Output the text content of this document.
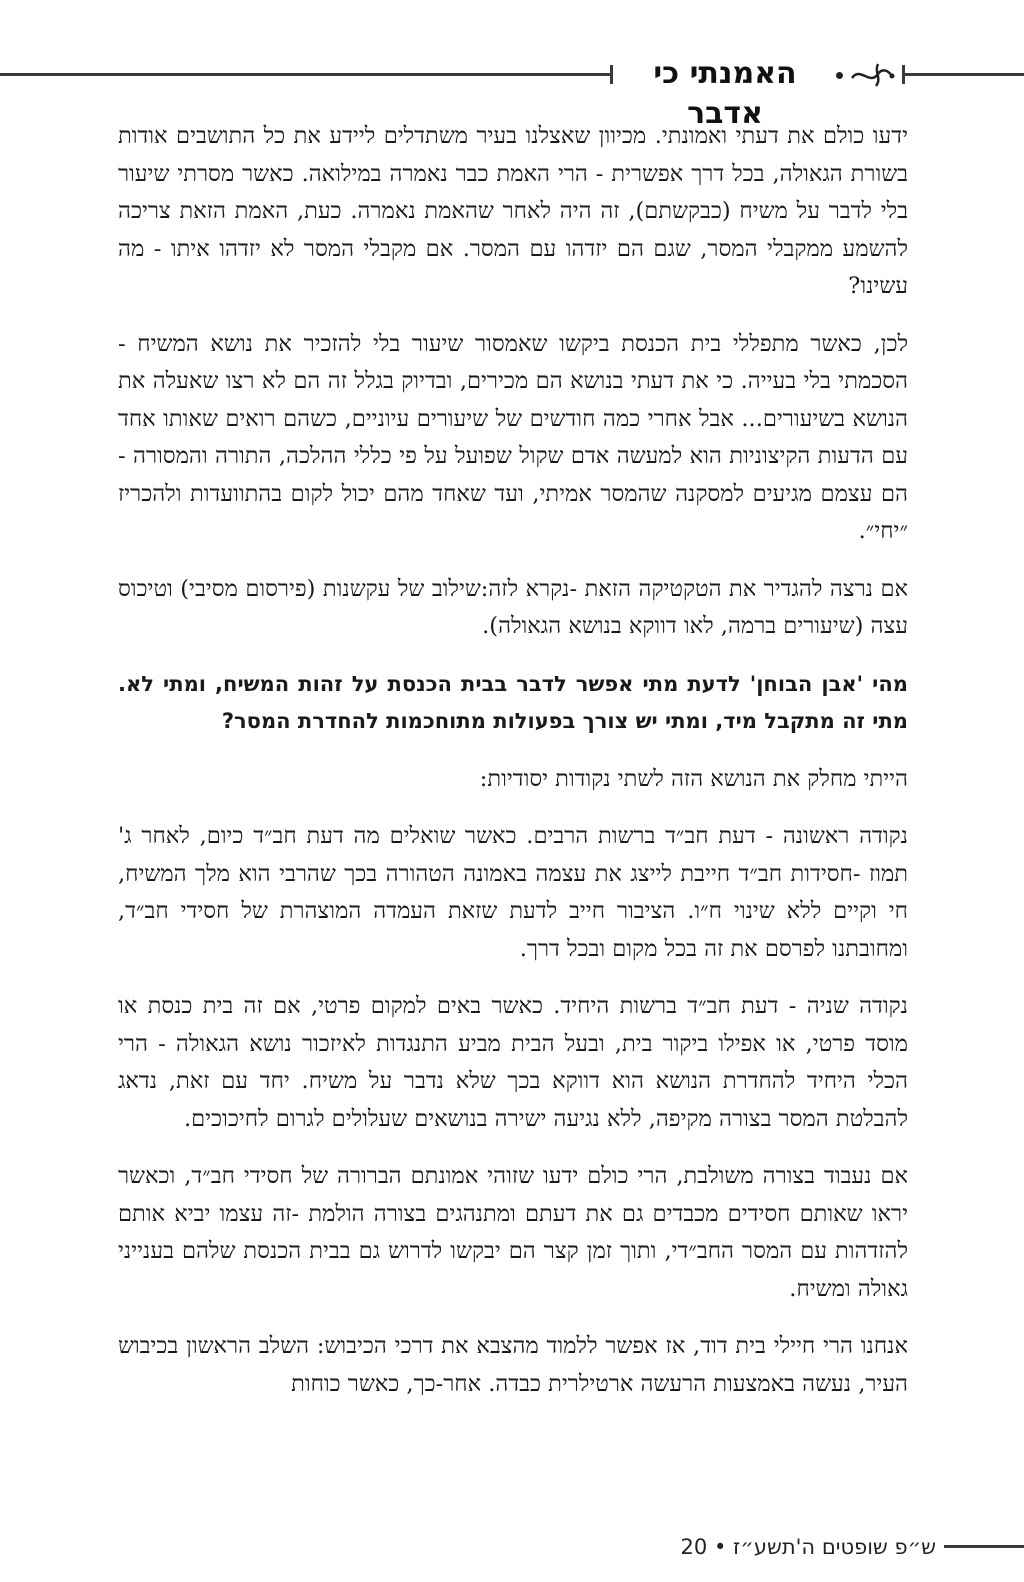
האמנתי כי אדבר

ידעו כולם את דעתי ואמונתי. מכיוון שאצלנו בעיר משתדלים ליידע את כל התושבים אודות בשורת הגאולה, בכל דרך אפשרית - הרי האמת כבר נאמרה במילואה. כאשר מסרתי שיעור בלי לדבר על משיח (כבקשתם), זה היה לאחר שהאמת נאמרה. כעת, האמת הזאת צריכה להשמע ממקבלי המסר, שגם הם יזדהו עם המסר. אם מקבלי המסר לא יזדהו איתו - מה עשינו?

לכן, כאשר מתפללי בית הכנסת ביקשו שאמסור שיעור בלי להזכיר את נושא המשיח - הסכמתי בלי בעייה. כי את דעתי בנושא הם מכירים, ובדיוק בגלל זה הם לא רצו שאעלה את הנושא בשיעורים... אבל אחרי כמה חודשים של שיעורים עיוניים, כשהם רואים שאותו אחד עם הדעות הקיצוניות הוא למעשה אדם שקול שפועל על פי כללי ההלכה, התורה והמסורה - הם עצמם מגיעים למסקנה שהמסר אמיתי, ועד שאחד מהם יכול לקום בהתוועדות ולהכריז ״יחי״.

אם נרצה להגדיר את הטקטיקה הזאת -נקרא לזה:שילוב של עקשנות (פירסום מסיבי) וטיכוס עצה (שיעורים ברמה, לאו דווקא בנושא הגאולה).

מהי 'אבן הבוחן' לדעת מתי אפשר לדבר בבית הכנסת על זהות המשיח, ומתי לא. מתי זה מתקבל מיד, ומתי יש צורך בפעולות מתוחכמות להחדרת המסר?

הייתי מחלק את הנושא הזה לשתי נקודות יסודיות:

נקודה ראשונה - דעת חב״ד ברשות הרבים. כאשר שואלים מה דעת חב״ד כיום, לאחר ג' תמוז -חסידות חב״ד חייבת לייצג את עצמה באמונה הטהורה בכך שהרבי הוא מלך המשיח, חי וקיים ללא שינוי ח״ו. הציבור חייב לדעת שזאת העמדה המוצהרת של חסידי חב״ד, ומחובתנו לפרסם את זה בכל מקום ובכל דרך.

נקודה שניה - דעת חב״ד ברשות היחיד. כאשר באים למקום פרטי, אם זה בית כנסת או מוסד פרטי, או אפילו ביקור בית, ובעל הבית מביע התנגדות לאיזכור נושא הגאולה - הרי הכלי היחיד להחדרת הנושא הוא דווקא בכך שלא נדבר על משיח. יחד עם זאת, נדאג להבלטת המסר בצורה מקיפה, ללא נגיעה ישירה בנושאים שעלולים לגרום לחיכוכים.

אם נעבוד בצורה משולבת, הרי כולם ידעו שזוהי אמונתם הברורה של חסידי חב״ד, וכאשר יראו שאותם חסידים מכבדים גם את דעתם ומתנהגים בצורה הולמת -זה עצמו יביא אותם להזדהות עם המסר החב״די, ותוך זמן קצר הם יבקשו לדרוש גם בבית הכנסת שלהם בענייני גאולה ומשיח.

אנחנו הרי חיילי בית דוד, אז אפשר ללמוד מהצבא את דרכי הכיבוש: השלב הראשון בכיבוש העיר, נעשה באמצעות הרעשה ארטילרית כבדה. אחר-כך, כאשר כוחות

ש״פ שופטים ה'תשע״ז • 20
